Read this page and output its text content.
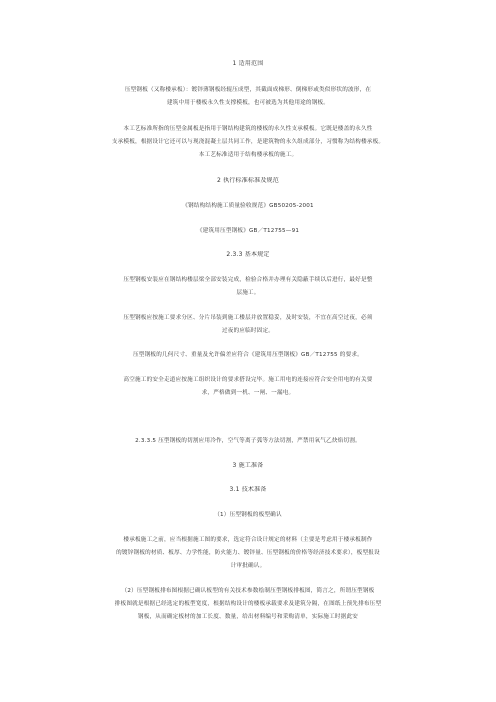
1 适用范围
压型钢板（又称楼承板）：镀锌薄钢板经辊压成型，其截面成梯形、倒梯形或类似形状的波形，在
建筑中用于楼板永久性支撑模板，也可被选为其他用途的钢板。
本工艺标准所指的压型金属板是指用于钢结构建筑的楼板的永久性支承模板。它既是楼盖的永久性
支承模板，根据设计它还可以与现浇混凝土层共同工作，是建筑物的永久组成部分，习惯称为结构楼承板。
本工艺标准适用于结构楼承板的施工。
2 执行标准标准及规范
《钢结构结构施工质量验收规范》GB50205-2001
《建筑用压型钢板》GB／T12755—91
2.3.3 基本规定
压型钢板安装应在钢结构楼层梁全部安装完成，检验合格并办理有关隐蔽手续以后进行，最好是整
层施工。
压型钢板应按施工要求分区、分片吊装到施工楼层并放置稳妥，及时安装，不宜在高空过夜，必须
过夜的应临时固定。
压型钢板的几何尺寸、重量及允许偏差应符合《建筑用压型钢板》GB／T12755 的要求。
高空施工的安全走道应按施工组织设计的要求搭设完毕。施工用电的连接应符合安全用电的有关要
求，严格做到一机、一闸、一漏电。
2.3.3.5 压型钢板的切割应用冷作，空气等离子弧等方法切割，严禁用氧气乙炔焰切割。
3 施工准备
3.1 技术准备
（1）压型钢板的板型确认
楼承板施工之前，应当根据施工图的要求，选定符合设计规定的材料（主要是考虑用于楼承板制作
的镀锌钢板的材质、板厚、力学性能，防火能力、镀锌量、压型钢板的价格等经济技术要求），板型报设
计审批确认。
（2）压型钢板排布图根据已确认板型的有关技术参数绘制压型钢板排板图，简言之，所谓压型钢板
排板图就是根据已经选定的板型宽度，根据结构设计的楼板承载要求及建筑分隔，在图纸上预先排布压型
钢板，从而确定板材的加工长度、数量，给出材料编号和采购清单，实际施工时据此安
